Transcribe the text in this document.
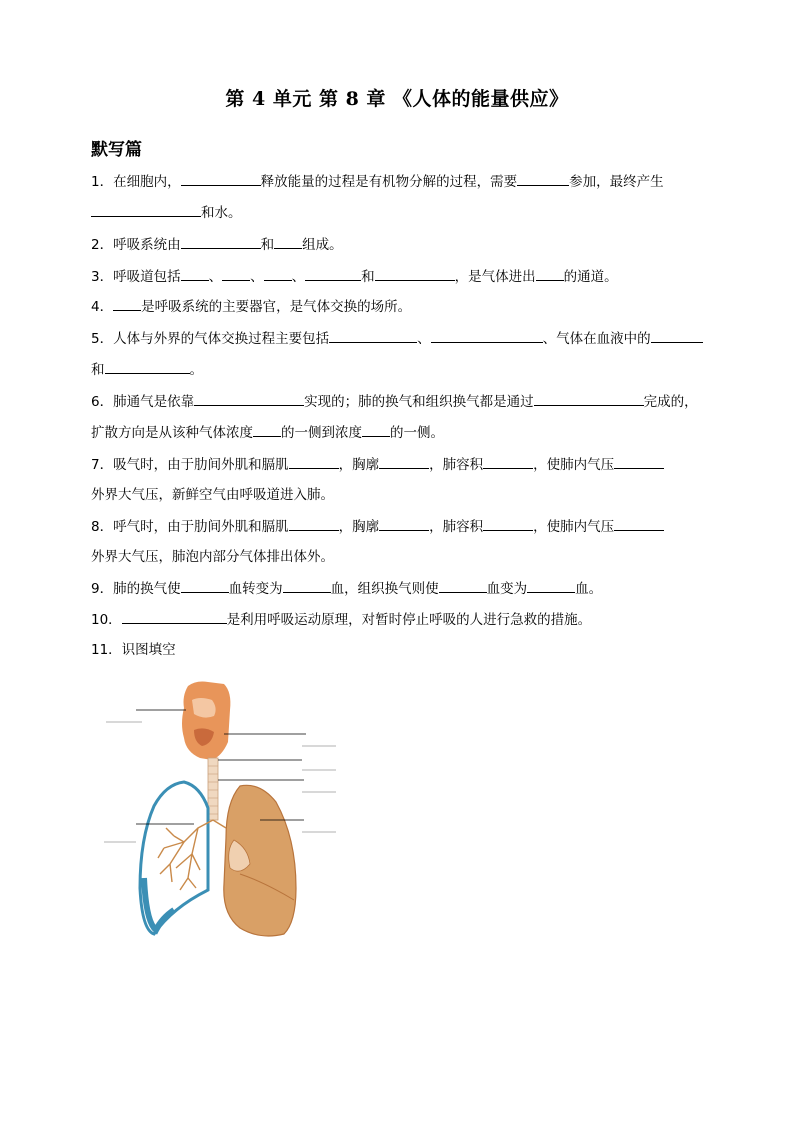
第 4 单元 第 8 章 《人体的能量供应》
默写篇
1．在细胞内，	释放能量的过程是有机物分解的过程，需要	参加，最终产生
和水。
2．呼吸系统由	和 组成。
3．呼吸道包括 、 、 、	和	，是气体进出 的通道。
4． 是呼吸系统的主要器官，是气体交换的场所。
5．人体与外界的气体交换过程主要包括	、	、气体在血液中的
和	。
6．肺通气是依靠	实现的；肺的换气和组织换气都是通过	完成的，
扩散方向是从该种气体浓度 的一侧到浓度 的一侧。
7．吸气时，由于肋间外肌和膈肌	，胸廓	，肺容积	，使肺内气压
外界大气压，新鲜空气由呼吸道进入肺。
8．呼气时，由于肋间外肌和膈肌	，胸廓	，肺容积	，使肺内气压
外界大气压，肺泡内部分气体排出体外。
9．肺的换气使	血转变为	血，组织换气则使	血变为	血。
10．	是利用呼吸运动原理，对暂时停止呼吸的人进行急救的措施。
11．识图填空
